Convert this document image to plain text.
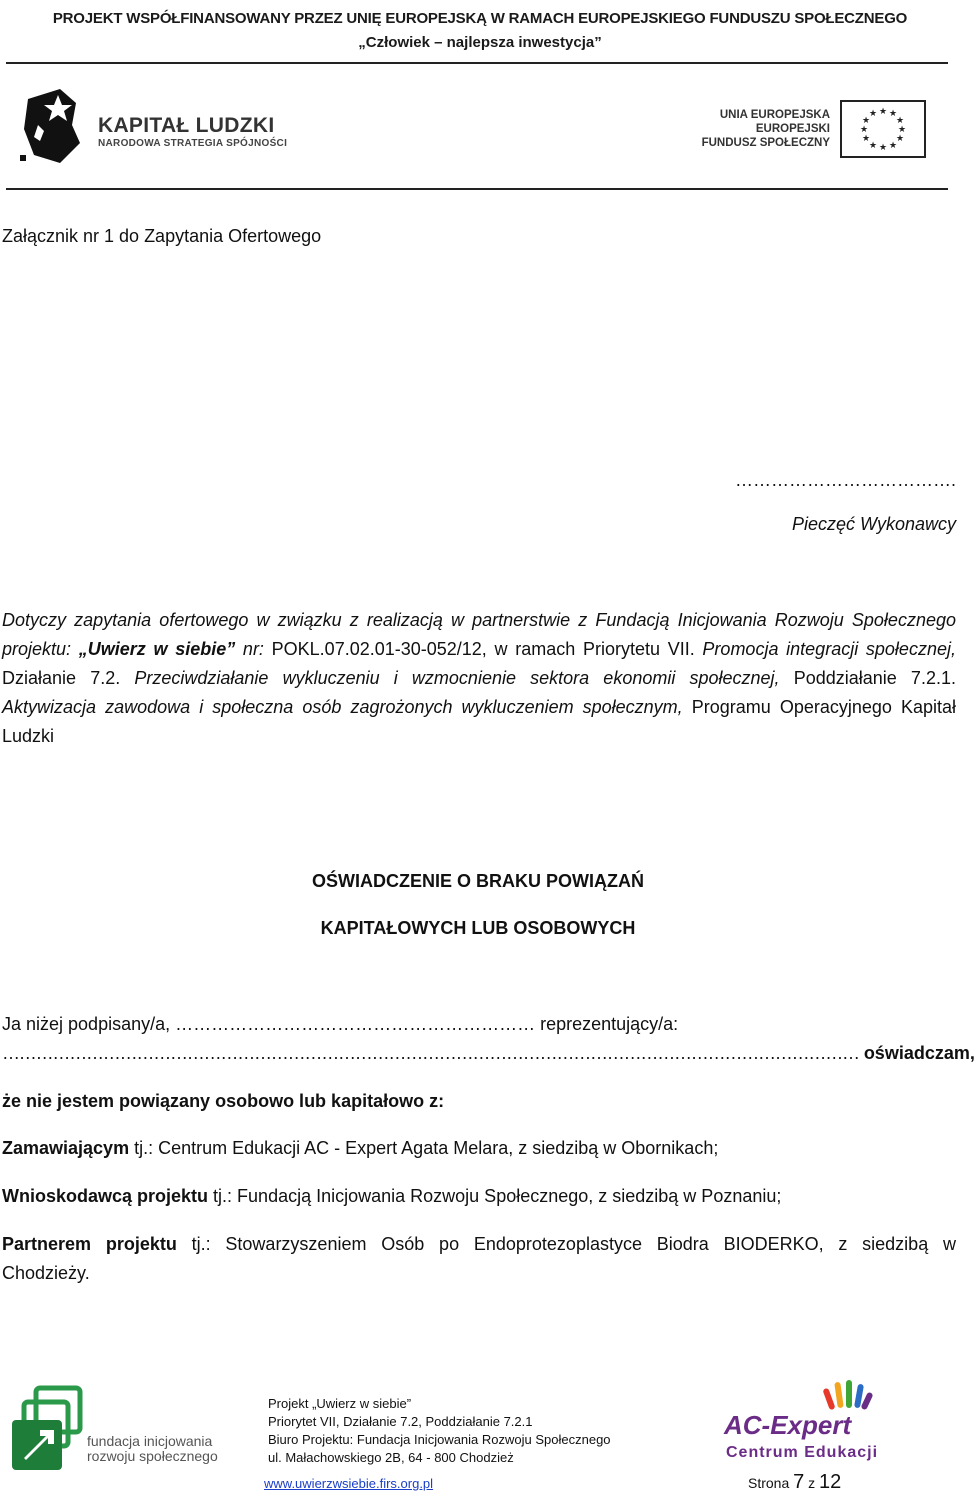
PROJEKT WSPÓŁFINANSOWANY PRZEZ UNIĘ EUROPEJSKĄ W RAMACH EUROPEJSKIEGO FUNDUSZU SPOŁECZNEGO
„Człowiek – najlepsza inwestycja”
KAPITAŁ LUDZKI
NARODOWA STRATEGIA SPÓJNOŚCI
UNIA EUROPEJSKA
EUROPEJSKI
FUNDUSZ SPOŁECZNY
★ ★
★
★
★
★
★
★
★
★
★
★
Załącznik nr 1 do Zapytania Ofertowego
……………………………….
Pieczęć Wykonawcy
Dotyczy zapytania ofertowego w związku z realizacją w partnerstwie z Fundacją Inicjowania Rozwoju Społecznego projektu: „Uwierz w siebie” nr: POKL.07.02.01-30-052/12, w ramach Priorytetu VII. Promocja integracji społecznej, Działanie 7.2. Przeciwdziałanie wykluczeniu i wzmocnienie sektora ekonomii społecznej, Poddziałanie 7.2.1. Aktywizacja zawodowa i społeczna osób zagrożonych wykluczeniem społecznym, Programu Operacyjnego Kapitał Ludzki
OŚWIADCZENIE O BRAKU POWIĄZAŃ
KAPITAŁOWYCH LUB OSOBOWYCH
Ja niżej podpisany/a, …………………………………………………… reprezentujący/a:
……………………………………………………………………………………………………………………………………… oświadczam,
że nie jestem powiązany osobowo lub kapitałowo z:
Zamawiającym tj.: Centrum Edukacji AC - Expert Agata Melara, z siedzibą w Obornikach;
Wnioskodawcą projektu tj.: Fundacją Inicjowania Rozwoju Społecznego, z siedzibą w Poznaniu;
Partnerem projektu tj.: Stowarzyszeniem Osób po Endoprotezoplastyce Biodra BIODERKO, z siedzibą w Chodzieży.
fundacja inicjowania
rozwoju społecznego
Projekt „Uwierz w siebie”
Priorytet VII, Działanie 7.2, Poddziałanie 7.2.1
Biuro Projektu: Fundacja Inicjowania Rozwoju Społecznego
ul. Małachowskiego 2B, 64 - 800 Chodzież
www.uwierzwsiebie.firs.org.pl
AC-Expert
Centrum Edukacji
Strona 7 z 12
